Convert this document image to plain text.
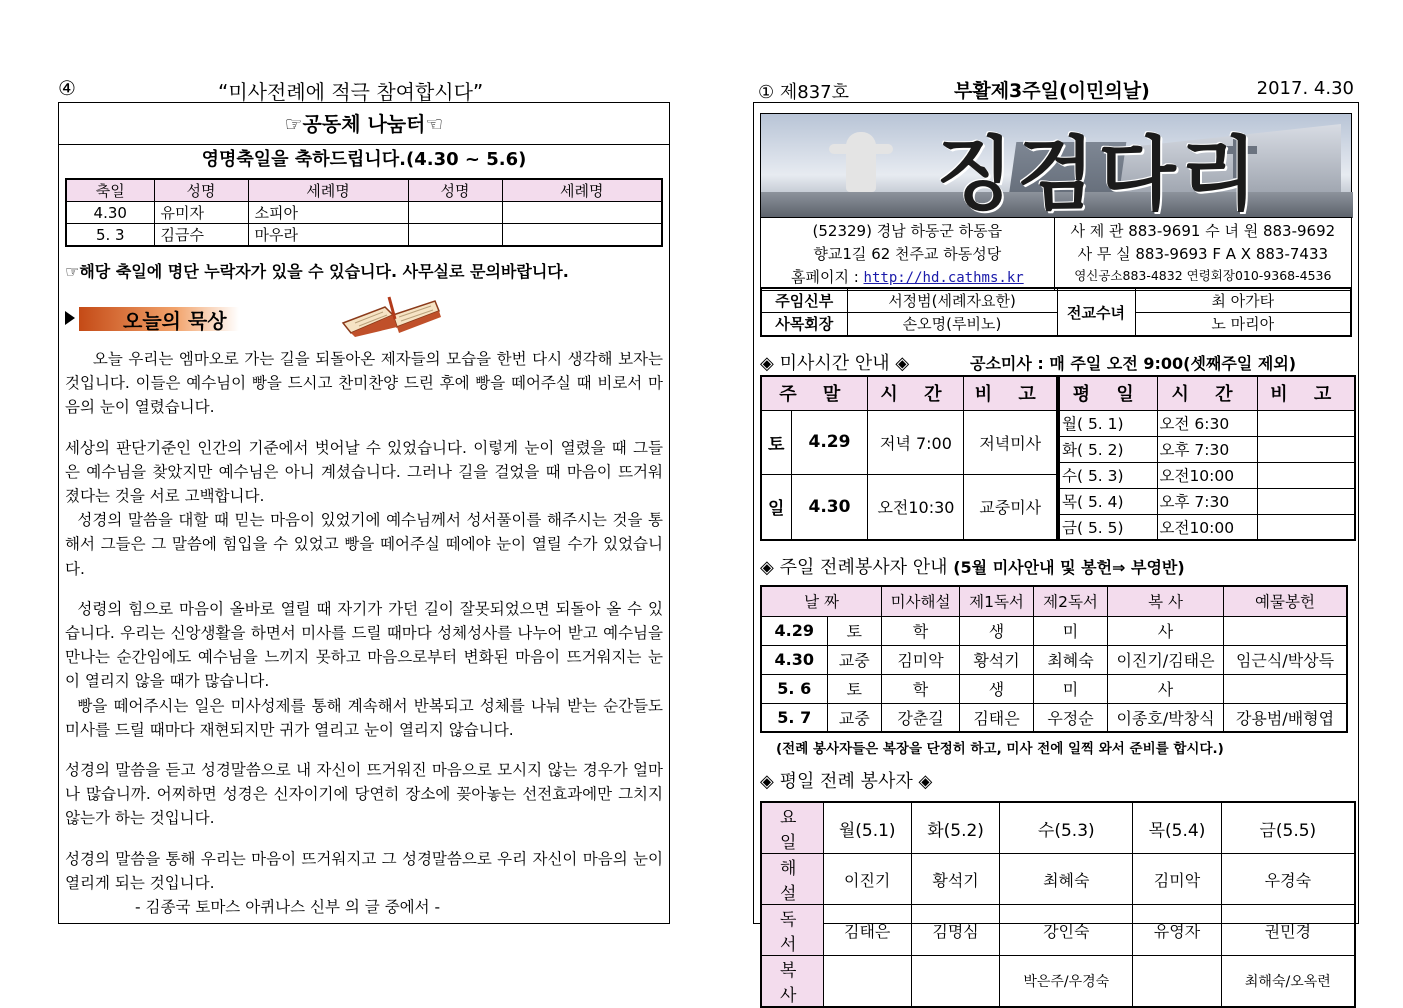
④	“미사전례에 적극 참여합시다”
☞공동체 나눔터☜
영명축일을 축하드립니다.(4.30 ~ 5.6)
축일	성명	세례명	성명	세례명
4.30	유미자	소피아		
5. 3	김금수	마우라		
☞해당 축일에 명단 누락자가 있을 수 있습니다. 사무실로 문의바랍니다.
오늘의 묵상

오늘 우리는 엠마오로 가는 길을 되돌아온 제자들의 모습을 한번 다시 생각해 보자는 것입니다. 이들은 예수님이 빵을 드시고 찬미찬양 드린 후에 빵을 떼어주실 때 비로서 마음의 눈이 열렸습니다.

세상의 판단기준인 인간의 기준에서 벗어날 수 있었습니다. 이렇게 눈이 열렸을 때 그들은 예수님을 찾았지만 예수님은 아니 계셨습니다. 그러나 길을 걸었을 때 마음이 뜨거워졌다는 것을 서로 고백합니다.

성경의 말씀을 대할 때 믿는 마음이 있었기에 예수님께서 성서풀이를 해주시는 것을 통해서 그들은 그 말씀에 힘입을 수 있었고 빵을 떼어주실 떼에야 눈이 열릴 수가 있었습니다.

성령의 힘으로 마음이 올바로 열릴 때 자기가 가던 길이 잘못되었으면 되돌아 올 수 있습니다. 우리는 신앙생활을 하면서 미사를 드릴 때마다 성체성사를 나누어 받고 예수님을 만나는 순간임에도 예수님을 느끼지 못하고 마음으로부터 변화된 마음이 뜨거워지는 눈이 열리지 않을 때가 많습니다.

빵을 떼어주시는 일은 미사성제를 통해 계속해서 반복되고 성체를 나눠 받는 순간들도 미사를 드릴 때마다 재현되지만 귀가 열리고 눈이 열리지 않습니다.

성경의 말씀을 듣고 성경말씀으로 내 자신이 뜨거워진 마음으로 모시지 않는 경우가 얼마나 많습니까. 어찌하면 성경은 신자이기에 당연히 장소에 꽂아놓는 선전효과에만 그치지 않는가 하는 것입니다.

성경의 말씀을 통해 우리는 마음이 뜨거워지고 그 성경말씀으로 우리 자신이 마음의 눈이 열리게 되는 것입니다.

- 김종국 토마스 아퀴나스 신부 의 글 중에서 -

① 제837호	부활제3주일(이민의날)	2017. 4.30
징검다리
(52329) 경남 하동군 하동읍
향교1길 62 천주교 하동성당
홈페이지 : http://hd.cathms.kr

사 제 관 883-9691 수 녀 원 883-9692
사 무 실 883-9693 F A X 883-7433
영신공소883-4832 연령회장010-9368-4536
주임신부	서정범(세례자요한)	전교수녀	최 아가타
사목회장	손오명(루비노)		노 마리아
◈ 미사시간 안내 ◈	공소미사 : 매 주일 오전 9:00(셋째주일 제외)
주 말		시 간	비 고
토	4.29	저녁 7:00	저녁미사
일	4.30	오전10:30	교중미사
평 일	시 간	비 고
월( 5. 1)	오전 6:30	
화( 5. 2)	오후 7:30	
수( 5. 3)	오전10:00	
목( 5. 4)	오후 7:30	
금( 5. 5)	오전10:00	
◈ 주일 전례봉사자 안내 (5월 미사안내 및 봉헌⇒ 부영반)
날 짜		미사해설	제1독서	제2독서	복 사	예물봉헌
4.29	토	학	생	미	사	
4.30	교중	김미악	황석기	최혜숙	이진기/김태은	임근식/박상득
5. 6	토	학	생	미	사	
5. 7	교중	강춘길	김태은	우정순	이종호/박창식	강용범/배형엽
(전례 봉사자들은 복장을 단정히 하고, 미사 전에 일찍 와서 준비를 합시다.)
◈ 평일 전례 봉사자 ◈
요 일	월(5.1)	화(5.2)	수(5.3)	목(5.4)	금(5.5)
해 설	이진기	황석기	최혜숙	김미악	우경숙
독 서	김태은	김명심	강인숙	유영자	권민경
복 사			박은주/우경숙		최해숙/오옥련
